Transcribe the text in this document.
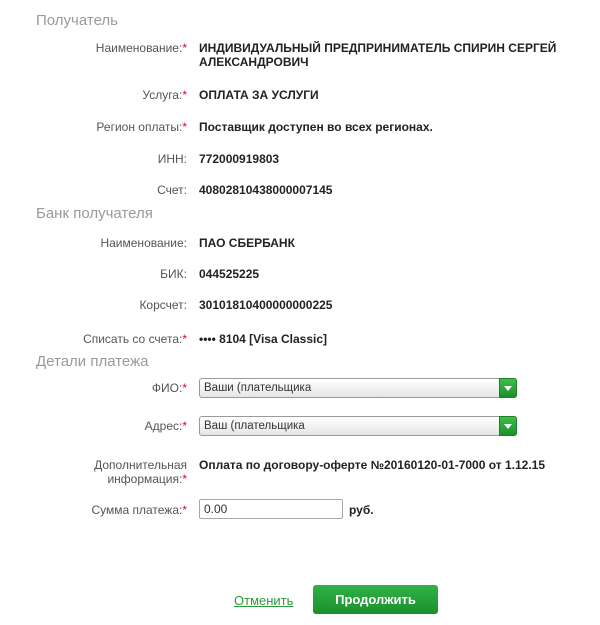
Получатель
Наименование:* ИНДИВИДУАЛЬНЫЙ ПРЕДПРИНИМАТЕЛЬ СПИРИН СЕРГЕЙ АЛЕКСАНДРОВИЧ
Услуга:* ОПЛАТА ЗА УСЛУГИ
Регион оплаты:* Поставщик доступен во всех регионах.
ИНН: 772000919803
Счет: 40802810438000007145
Банк получателя
Наименование: ПАО СБЕРБАНК
БИК: 044525225
Корсчет: 30101810400000000225
Списать со счета:* •••• 8104 [Visa Classic]
Детали платежа
ФИО:*	Ваши (плательщика
Адрес:*	Ваш (плательщика
Дополнительная информация:*
Оплата по договору-оферте №20160120-01-7000 от 1.12.15
Сумма платежа:*
0.00	руб.
Отменить	Продолжить
